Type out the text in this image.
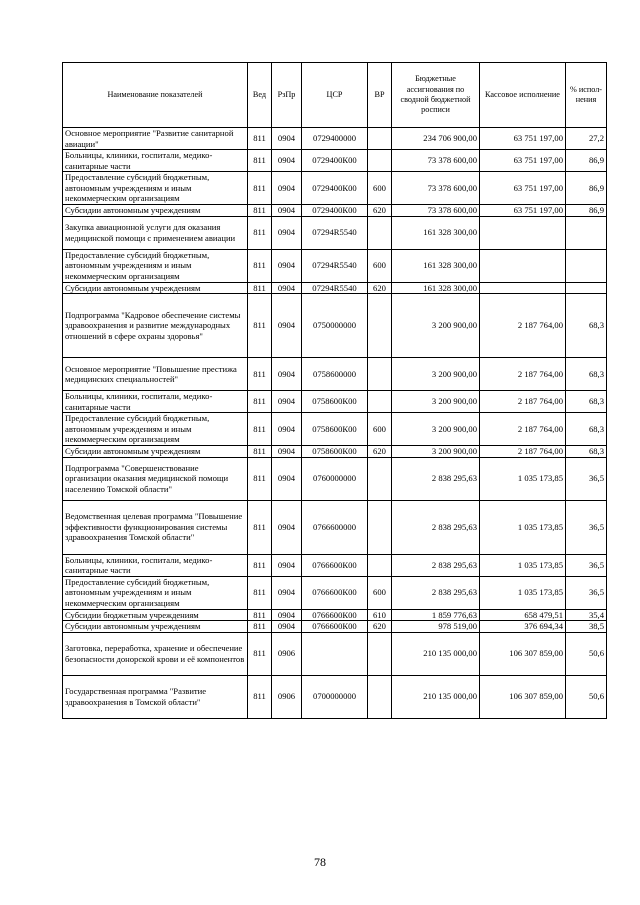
Наименование показателей	Вед	РзПр	ЦСР	ВР	Бюджетные ассигнования по сводной бюджетной росписи	Кассовое исполнение	% испол-нения
Основное мероприятие "Развитие санитарной авиации"	811	0904	0729400000		234 706 900,00	63 751 197,00	27,2
Больницы, клиники, госпитали, медико-санитарные части	811	0904	0729400К00		73 378 600,00	63 751 197,00	86,9
Предоставление субсидий бюджетным, автономным учреждениям и иным некоммерческим организациям	811	0904	0729400К00	600	73 378 600,00	63 751 197,00	86,9
Субсидии автономным учреждениям	811	0904	0729400К00	620	73 378 600,00	63 751 197,00	86,9
Закупка авиационной услуги для оказания медицинской помощи с применением авиации	811	0904	07294R5540		161 328 300,00		
Предоставление субсидий бюджетным, автономным учреждениям и иным некоммерческим организациям	811	0904	07294R5540	600	161 328 300,00		
Субсидии автономным учреждениям	811	0904	07294R5540	620	161 328 300,00		
Подпрограмма "Кадровое обеспечение системы здравоохранения и развитие международных отношений в сфере охраны здоровья"	811	0904	0750000000		3 200 900,00	2 187 764,00	68,3
Основное мероприятие "Повышение престижа медицинских специальностей"	811	0904	0758600000		3 200 900,00	2 187 764,00	68,3
Больницы, клиники, госпитали, медико-санитарные части	811	0904	0758600К00		3 200 900,00	2 187 764,00	68,3
Предоставление субсидий бюджетным, автономным учреждениям и иным некоммерческим организациям	811	0904	0758600К00	600	3 200 900,00	2 187 764,00	68,3
Субсидии автономным учреждениям	811	0904	0758600К00	620	3 200 900,00	2 187 764,00	68,3
Подпрограмма "Совершенствование организации оказания медицинской помощи населению Томской области"	811	0904	0760000000		2 838 295,63	1 035 173,85	36,5
Ведомственная целевая программа "Повышение эффективности функционирования системы здравоохранения Томской области"	811	0904	0766600000		2 838 295,63	1 035 173,85	36,5
Больницы, клиники, госпитали, медико-санитарные части	811	0904	0766600К00		2 838 295,63	1 035 173,85	36,5
Предоставление субсидий бюджетным, автономным учреждениям и иным некоммерческим организациям	811	0904	0766600К00	600	2 838 295,63	1 035 173,85	36,5
Субсидии бюджетным учреждениям	811	0904	0766600К00	610	1 859 776,63	658 479,51	35,4
Субсидии автономным учреждениям	811	0904	0766600К00	620	978 519,00	376 694,34	38,5
Заготовка, переработка, хранение и обеспечение безопасности донорской крови и её компонентов	811	0906			210 135 000,00	106 307 859,00	50,6
Государственная программа "Развитие здравоохранения в Томской области"	811	0906	0700000000		210 135 000,00	106 307 859,00	50,6
78
